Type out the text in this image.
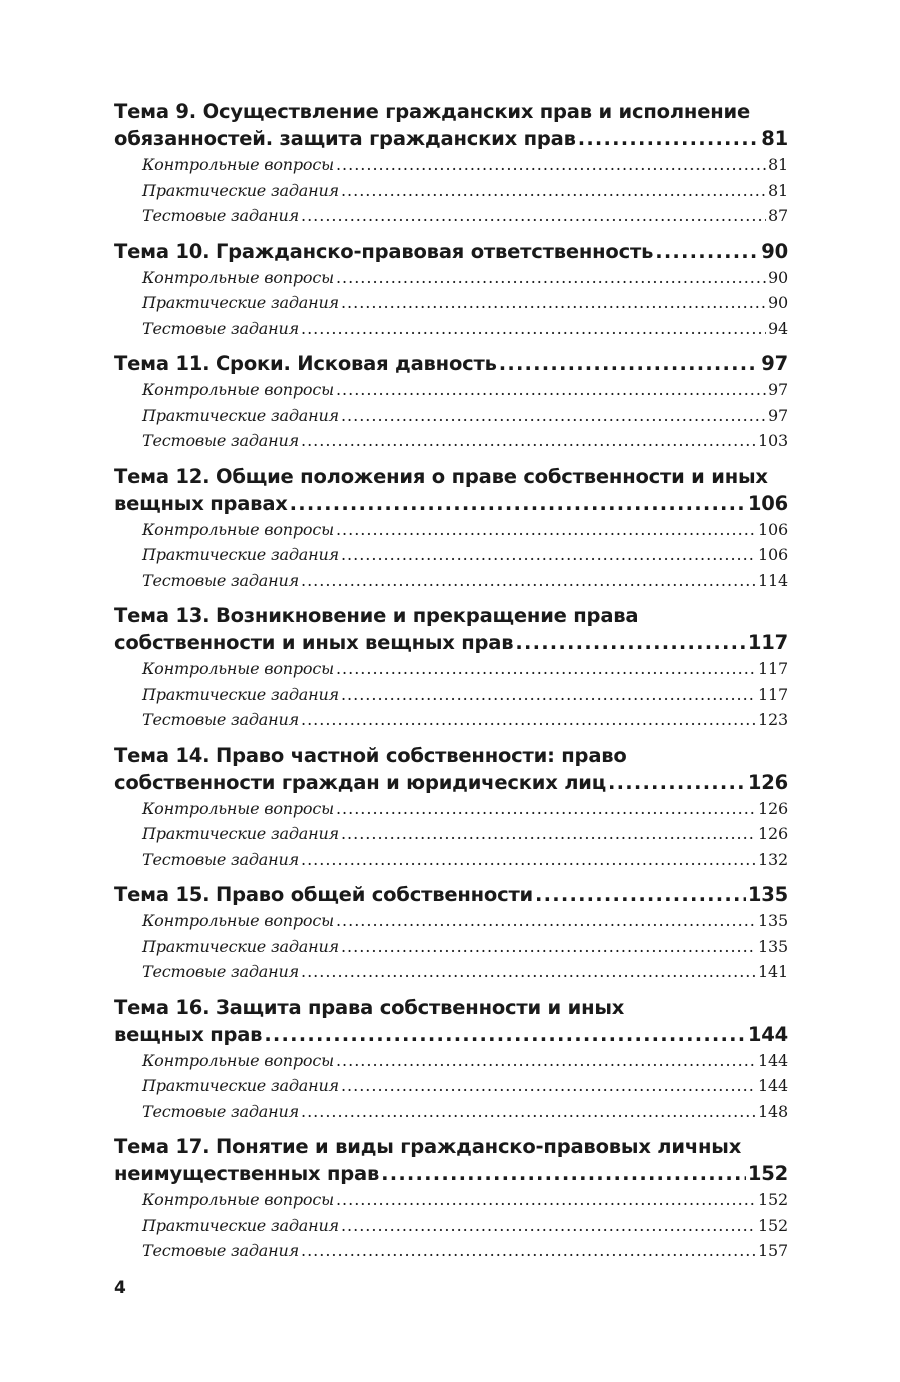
Тема 9. Осуществление гражданских прав и исполнение
обязанностей. защита гражданских прав .....	81
Контрольные вопросы .....	81
Практические задания .....	81
Тестовые задания .....	87
Тема 10. Гражданско-правовая ответственность .....	90
Контрольные вопросы .....	90
Практические задания .....	90
Тестовые задания .....	94
Тема 11. Сроки. Исковая давность .....	97
Контрольные вопросы .....	97
Практические задания .....	97
Тестовые задания .....	103
Тема 12. Общие положения о праве собственности и иных
вещных правах .....	106
Контрольные вопросы .....	106
Практические задания .....	106
Тестовые задания .....	114
Тема 13. Возникновение и прекращение права
собственности и иных вещных прав .....	117
Контрольные вопросы .....	117
Практические задания .....	117
Тестовые задания .....	123
Тема 14. Право частной собственности: право
собственности граждан и юридических лиц .....	126
Контрольные вопросы .....	126
Практические задания .....	126
Тестовые задания .....	132
Тема 15. Право общей собственности .....	135
Контрольные вопросы .....	135
Практические задания .....	135
Тестовые задания .....	141
Тема 16. Защита права собственности и иных
вещных прав .....	144
Контрольные вопросы .....	144
Практические задания .....	144
Тестовые задания .....	148
Тема 17. Понятие и виды гражданско-правовых личных
неимущественных прав .....	152
Контрольные вопросы .....	152
Практические задания .....	152
Тестовые задания .....	157
4
